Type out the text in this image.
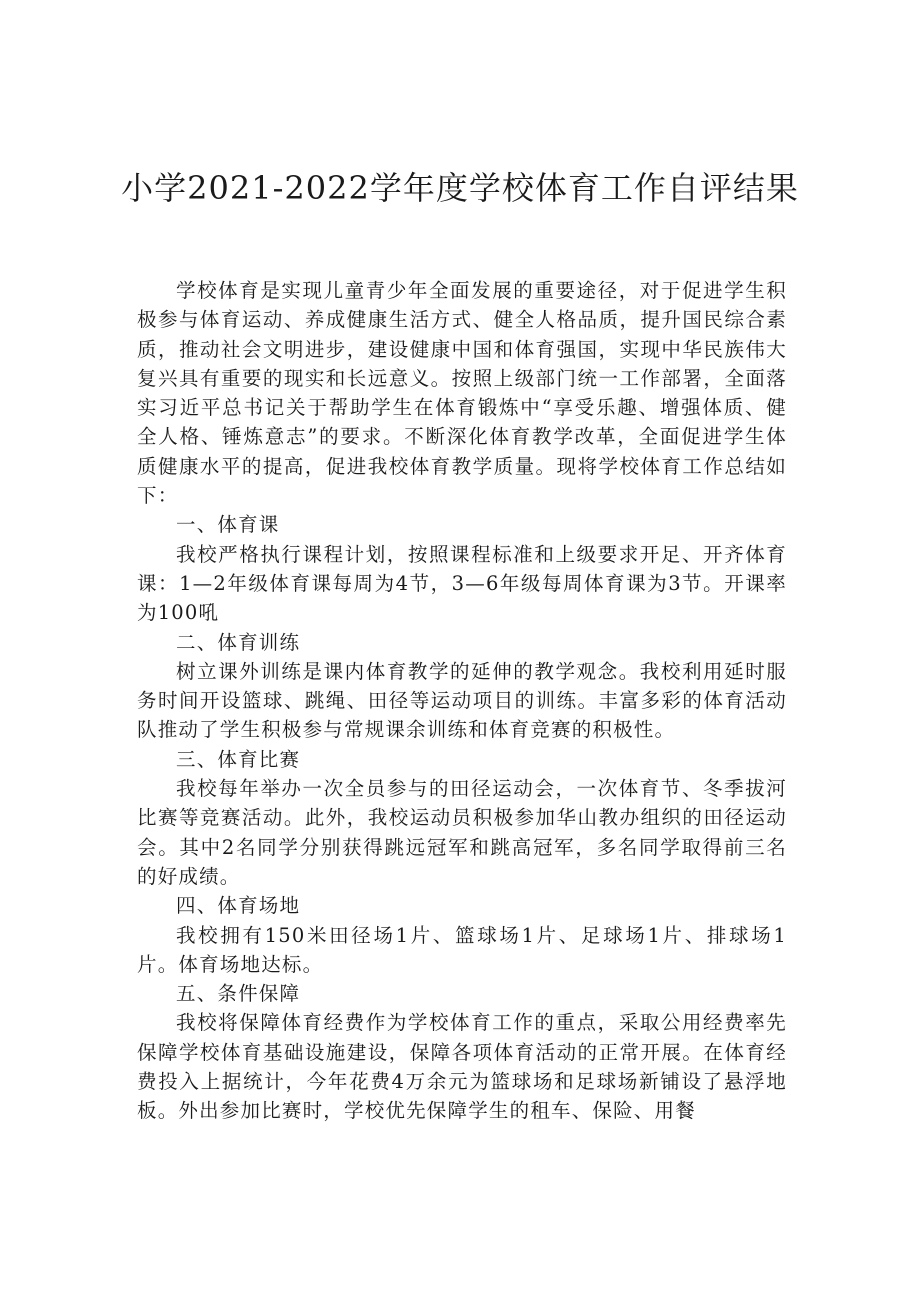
小学2021-2022学年度学校体育工作自评结果

学校体育是实现儿童青少年全面发展的重要途径，对于促进学生积极参与体育运动、养成健康生活方式、健全人格品质，提升国民综合素质，推动社会文明进步，建设健康中国和体育强国，实现中华民族伟大复兴具有重要的现实和长远意义。按照上级部门统一工作部署，全面落实习近平总书记关于帮助学生在体育锻炼中“享受乐趣、增强体质、健全人格、锤炼意志”的要求。不断深化体育教学改革，全面促进学生体质健康水平的提高，促进我校体育教学质量。现将学校体育工作总结如下：

一、体育课

我校严格执行课程计划，按照课程标准和上级要求开足、开齐体育课：1—2年级体育课每周为4节，3—6年级每周体育课为3节。开课率为100吼

二、体育训练

树立课外训练是课内体育教学的延伸的教学观念。我校利用延时服务时间开设篮球、跳绳、田径等运动项目的训练。丰富多彩的体育活动队推动了学生积极参与常规课余训练和体育竞赛的积极性。

三、体育比赛

我校每年举办一次全员参与的田径运动会，一次体育节、冬季拔河比赛等竞赛活动。此外，我校运动员积极参加华山教办组织的田径运动会。其中2名同学分别获得跳远冠军和跳高冠军，多名同学取得前三名的好成绩。

四、体育场地

我校拥有150米田径场1片、篮球场1片、足球场1片、排球场1片。体育场地达标。

五、条件保障

我校将保障体育经费作为学校体育工作的重点，采取公用经费率先保障学校体育基础设施建设，保障各项体育活动的正常开展。在体育经费投入上据统计，今年花费4万余元为篮球场和足球场新铺设了悬浮地板。外出参加比赛时，学校优先保障学生的租车、保险、用餐
